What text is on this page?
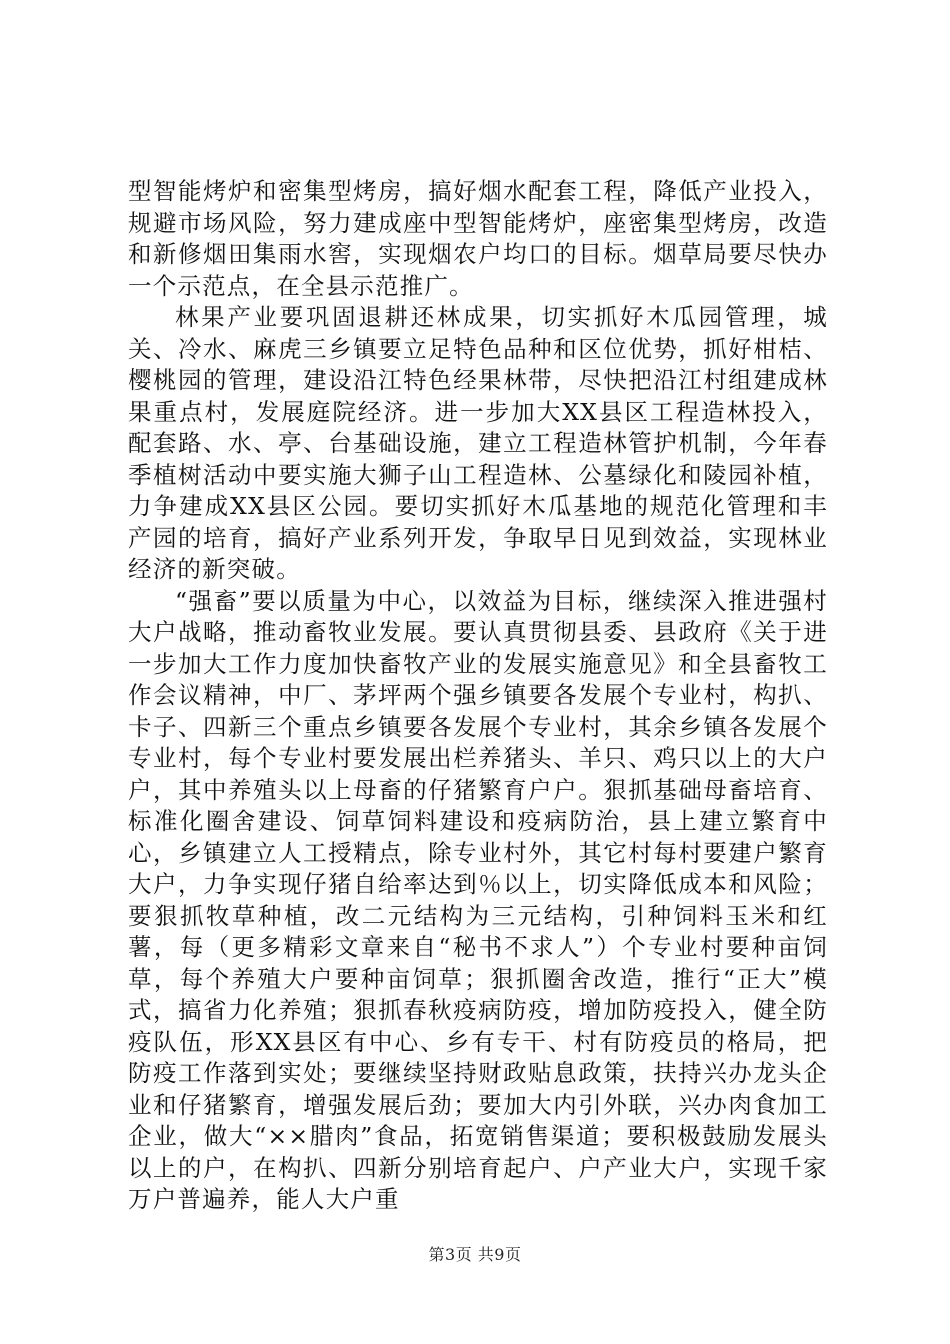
型智能烤炉和密集型烤房，搞好烟水配套工程，降低产业投入，规避市场风险，努力建成座中型智能烤炉，座密集型烤房，改造和新修烟田集雨水窖，实现烟农户均口的目标。烟草局要尽快办一个示范点，在全县示范推广。

林果产业要巩固退耕还林成果，切实抓好木瓜园管理，城关、冷水、麻虎三乡镇要立足特色品种和区位优势，抓好柑桔、樱桃园的管理，建设沿江特色经果林带，尽快把沿江村组建成林果重点村，发展庭院经济。进一步加大XX县区工程造林投入，配套路、水、亭、台基础设施，建立工程造林管护机制，今年春季植树活动中要实施大狮子山工程造林、公墓绿化和陵园补植，力争建成XX县区公园。要切实抓好木瓜基地的规范化管理和丰产园的培育，搞好产业系列开发，争取早日见到效益，实现林业经济的新突破。

“强畜”要以质量为中心，以效益为目标，继续深入推进强村大户战略，推动畜牧业发展。要认真贯彻县委、县政府《关于进一步加大工作力度加快畜牧产业的发展实施意见》和全县畜牧工作会议精神，中厂、茅坪两个强乡镇要各发展个专业村，构扒、卡子、四新三个重点乡镇要各发展个专业村，其余乡镇各发展个专业村，每个专业村要发展出栏养猪头、羊只、鸡只以上的大户户，其中养殖头以上母畜的仔猪繁育户户。狠抓基础母畜培育、标准化圈舍建设、饲草饲料建设和疫病防治，县上建立繁育中心，乡镇建立人工授精点，除专业村外，其它村每村要建户繁育大户，力争实现仔猪自给率达到％以上，切实降低成本和风险；要狠抓牧草种植，改二元结构为三元结构，引种饲料玉米和红薯，每（更多精彩文章来自“秘书不求人”）个专业村要种亩饲草，每个养殖大户要种亩饲草；狠抓圈舍改造，推行“正大”模式，搞省力化养殖；狠抓春秋疫病防疫，增加防疫投入，健全防疫队伍，形XX县区有中心、乡有专干、村有防疫员的格局，把防疫工作落到实处；要继续坚持财政贴息政策，扶持兴办龙头企业和仔猪繁育，增强发展后劲；要加大内引外联，兴办肉食加工企业，做大“××腊肉”食品，拓宽销售渠道；要积极鼓励发展头以上的户，在构扒、四新分别培育起户、户产业大户，实现千家万户普遍养，能人大户重

第3页 共9页
